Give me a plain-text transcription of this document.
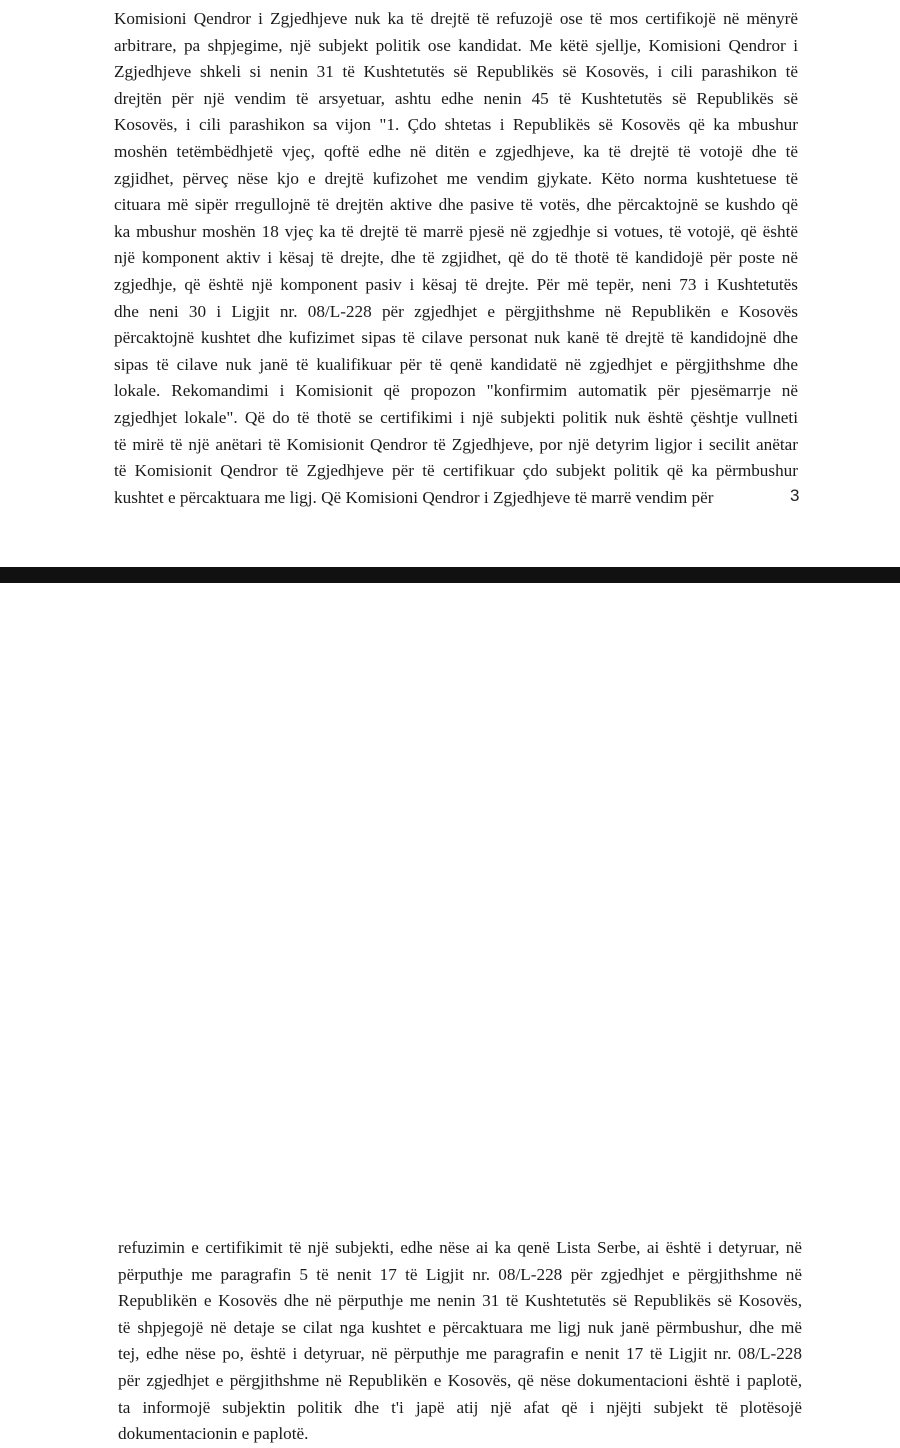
Komisioni Qendror i Zgjedhjeve nuk ka të drejtë të refuzojë ose të mos certifikojë në mënyrë
arbitrare, pa shpjegime, një subjekt politik ose kandidat. Me këtë sjellje, Komisioni Qendror i
Zgjedhjeve shkeli si nenin 31 të Kushtetutës së Republikës së Kosovës, i cili parashikon të
drejtën për një vendim të arsyetuar, ashtu edhe nenin 45 të Kushtetutës së Republikës së
Kosovës, i cili parashikon sa vijon "1. Çdo shtetas i Republikës së Kosovës që ka mbushur
moshën tetëmbëdhjetë vjeç, qoftë edhe në ditën e zgjedhjeve, ka të drejtë të votojë dhe të
zgjidhet, përveç nëse kjo e drejtë kufizohet me vendim gjykate. Këto norma kushtetuese të
cituara më sipër rregullojnë të drejtën aktive dhe pasive të votës, dhe përcaktojnë se kushdo që
ka mbushur moshën 18 vjeç ka të drejtë të marrë pjesë në zgjedhje si votues, të votojë, që është
një komponent aktiv i kësaj të drejte, dhe të zgjidhet, që do të thotë të kandidojë për poste në
zgjedhje, që është një komponent pasiv i kësaj të drejte. Për më tepër, neni 73 i Kushtetutës
dhe neni 30 i Ligjit nr. 08/L-228 për zgjedhjet e përgjithshme në Republikën e Kosovës
përcaktojnë kushtet dhe kufizimet sipas të cilave personat nuk kanë të drejtë të kandidojnë dhe
sipas të cilave nuk janë të kualifikuar për të qenë kandidatë në zgjedhjet e përgjithshme dhe
lokale. Rekomandimi i Komisionit që propozon "konfirmim automatik për pjesëmarrje në
zgjedhjet lokale". Që do të thotë se certifikimi i një subjekti politik nuk është çështje vullneti
të mirë të një anëtari të Komisionit Qendror të Zgjedhjeve, por një detyrim ligjor i secilit anëtar
të Komisionit Qendror të Zgjedhjeve për të certifikuar çdo subjekt politik që ka përmbushur
kushtet e përcaktuara me ligj. Që Komisioni Qendror i Zgjedhjeve të marrë vendim për	3
refuzimin e certifikimit të një subjekti, edhe nëse ai ka qenë Lista Serbe, ai është i detyruar, në
përputhje me paragrafin 5 të nenit 17 të Ligjit nr. 08/L-228 për zgjedhjet e përgjithshme në
Republikën e Kosovës dhe në përputhje me nenin 31 të Kushtetutës së Republikës së Kosovës,
të shpjegojë në detaje se cilat nga kushtet e përcaktuara me ligj nuk janë përmbushur, dhe më
tej, edhe nëse po, është i detyruar, në përputhje me paragrafin e nenit 17 të Ligjit nr. 08/L-228
për zgjedhjet e përgjithshme në Republikën e Kosovës, që nëse dokumentacioni është i paplotë,
ta informojë subjektin politik dhe t'i japë atij një afat që i njëjti subjekt të plotësojë
dokumentacionin e paplotë.
